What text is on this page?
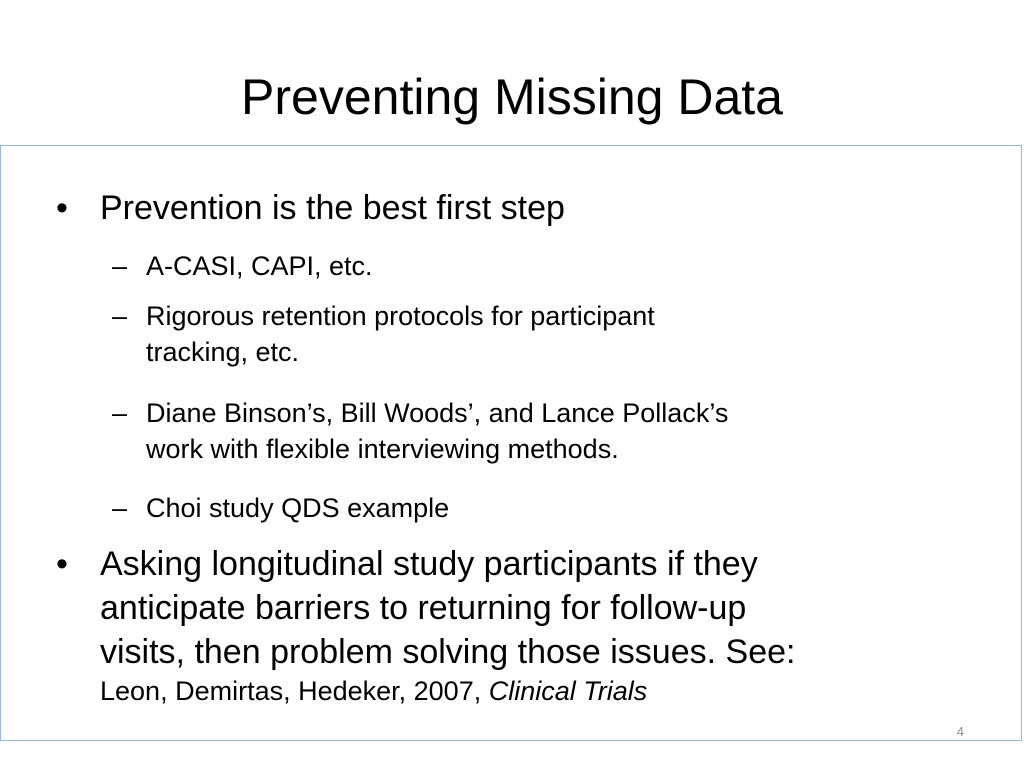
Preventing Missing Data
• Prevention is the best first step
– A-CASI, CAPI, etc.
– Rigorous retention protocols for participant
tracking, etc.
– Diane Binson’s, Bill Woods’, and Lance Pollack’s
work with flexible interviewing methods.
– Choi study QDS example
• Asking longitudinal study participants if they
anticipate barriers to returning for follow-up
visits, then problem solving those issues. See:
Leon, Demirtas, Hedeker, 2007, Clinical Trials
4
